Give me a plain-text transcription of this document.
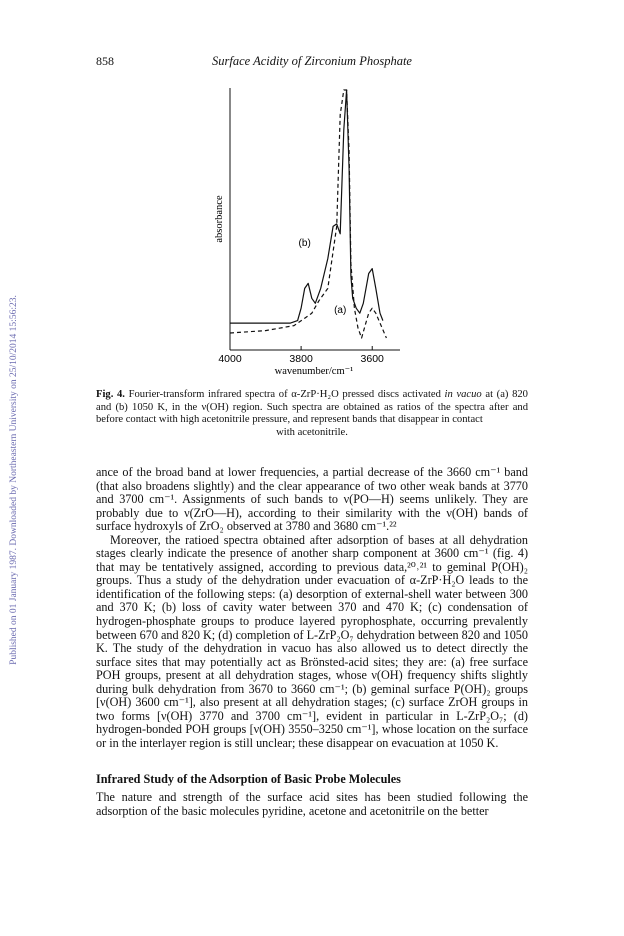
858	Surface Acidity of Zirconium Phosphate
Published on 01 January 1987. Downloaded by Northeastern University on 25/10/2014 15:56:23.	4000	3800	3600
wavenumber/cm⁻¹
absorbance
(b)
(a)
Fig. 4. Fourier-transform infrared spectra of α-ZrP·H₂O pressed discs activated in vacuo at (a) 820 and (b) 1050 K, in the ν(OH) region. Such spectra are obtained as ratios of the spectra after and before contact with high acetonitrile pressure, and represent bands that disappear in contact
with acetonitrile.

ance of the broad band at lower frequencies, a partial decrease of the 3660 cm⁻¹ band (that also broadens slightly) and the clear appearance of two other weak bands at 3770 and 3700 cm⁻¹. Assignments of such bands to ν(PO—H) seems unlikely. They are probably due to ν(ZrO—H), according to their similarity with the ν(OH) bands of surface hydroxyls of ZrO₂ observed at 3780 and 3680 cm⁻¹.²²

Moreover, the ratioed spectra obtained after adsorption of bases at all dehydration stages clearly indicate the presence of another sharp component at 3600 cm⁻¹ (fig. 4) that may be tentatively assigned, according to previous data,²⁰˒²¹ to geminal P(OH)₂ groups. Thus a study of the dehydration under evacuation of α-ZrP·H₂O leads to the identification of the following steps: (a) desorption of external-shell water between 300 and 370 K; (b) loss of cavity water between 370 and 470 K; (c) condensation of hydrogen-phosphate groups to produce layered pyrophosphate, occurring prevalently between 670 and 820 K; (d) completion of L-ZrP₂O₇ dehydration between 820 and 1050 K. The study of the dehydration in vacuo has also allowed us to detect directly the surface sites that may potentially act as Brönsted-acid sites; they are: (a) free surface POH groups, present at all dehydration stages, whose ν(OH) frequency shifts slightly during bulk dehydration from 3670 to 3660 cm⁻¹; (b) geminal surface P(OH)₂ groups [ν(OH) 3600 cm⁻¹], also present at all dehydration stages; (c) surface ZrOH groups in two forms [ν(OH) 3770 and 3700 cm⁻¹], evident in particular in L-ZrP₂O₇; (d) hydrogen-bonded POH groups [ν(OH) 3550–3250 cm⁻¹], whose location on the surface or in the interlayer region is still unclear; these disappear on evacuation at 1050 K.

Infrared Study of the Adsorption of Basic Probe Molecules

The nature and strength of the surface acid sites has been studied following the adsorption of the basic molecules pyridine, acetone and acetonitrile on the better
